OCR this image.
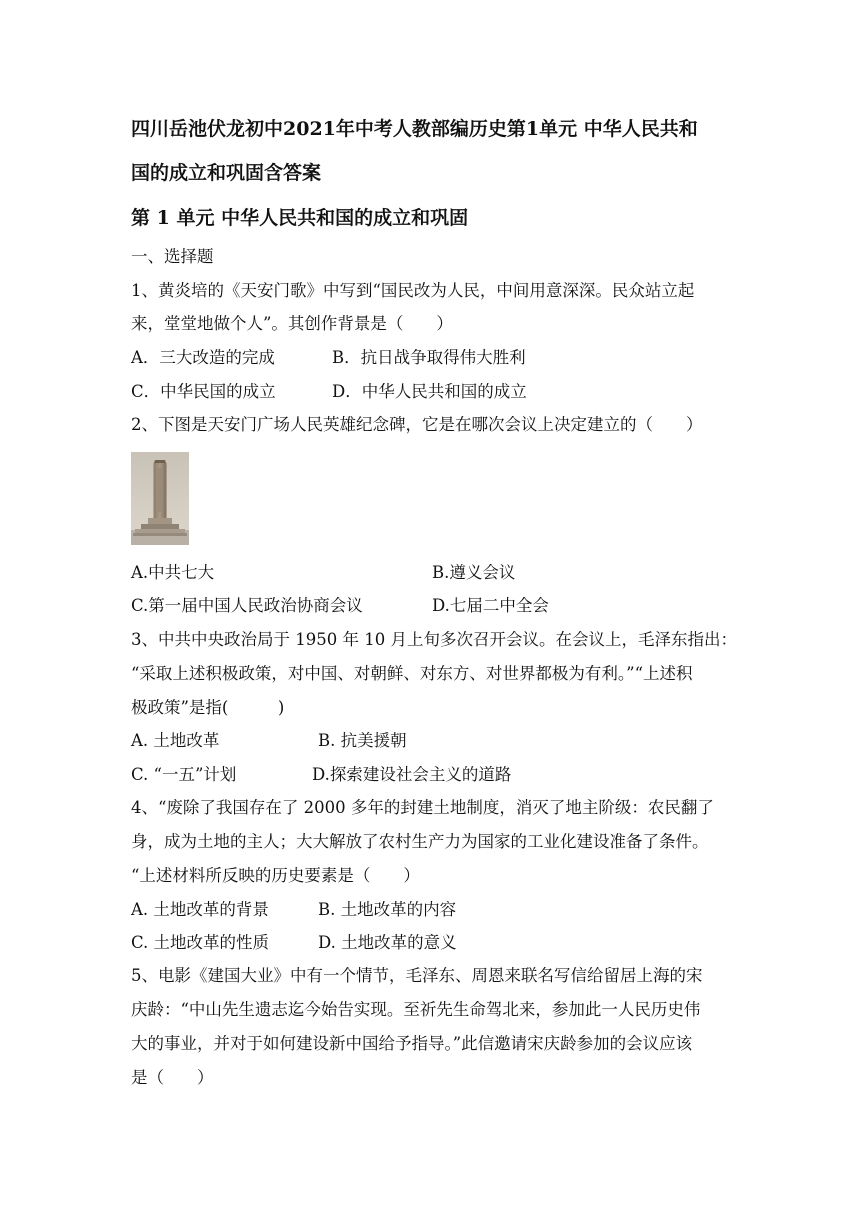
四川岳池伏龙初中2021年中考人教部编历史第1单元 中华人民共和
国的成立和巩固含答案
第 1 单元 中华人民共和国的成立和巩固
一、选择题
1、黄炎培的《天安门歌》中写到“国民改为人民，中间用意深深。民众站立起
来，堂堂地做个人”。其创作背景是（　　）
A．三大改造的完成	B．抗日战争取得伟大胜利
C．中华民国的成立	D．中华人民共和国的成立
2、下图是天安门广场人民英雄纪念碑，它是在哪次会议上决定建立的（　　）
A.中共七大	B.遵义会议
C.第一届中国人民政治协商会议	D.七届二中全会
3、中共中央政治局于 1950 年 10 月上旬多次召开会议。在会议上，毛泽东指出：
“采取上述积极政策，对中国、对朝鲜、对东方、对世界都极为有利。”“上述积
极政策”是指(　　　)
A. 土地改革	B. 抗美援朝
C. “一五”计划	D.探索建设社会主义的道路
4、“废除了我国存在了 2000 多年的封建土地制度，消灭了地主阶级：农民翻了
身，成为土地的主人；大大解放了农村生产力为国家的工业化建设准备了条件。
“上述材料所反映的历史要素是（　　）
A. 土地改革的背景	B. 土地改革的内容
C. 土地改革的性质	D. 土地改革的意义
5、电影《建国大业》中有一个情节，毛泽东、周恩来联名写信给留居上海的宋
庆龄：“中山先生遗志迄今始告实现。至祈先生命驾北来，参加此一人民历史伟
大的事业，并对于如何建设新中国给予指导。”此信邀请宋庆龄参加的会议应该
是（　　）
